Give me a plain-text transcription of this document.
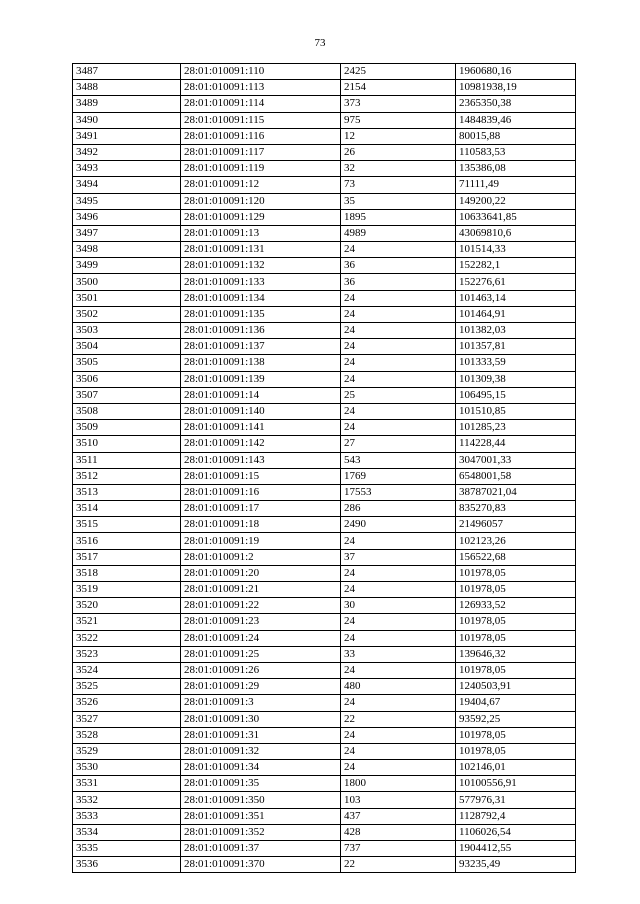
73
3487	28:01:010091:110	2425	1960680,16
3488	28:01:010091:113	2154	10981938,19
3489	28:01:010091:114	373	2365350,38
3490	28:01:010091:115	975	1484839,46
3491	28:01:010091:116	12	80015,88
3492	28:01:010091:117	26	110583,53
3493	28:01:010091:119	32	135386,08
3494	28:01:010091:12	73	71111,49
3495	28:01:010091:120	35	149200,22
3496	28:01:010091:129	1895	10633641,85
3497	28:01:010091:13	4989	43069810,6
3498	28:01:010091:131	24	101514,33
3499	28:01:010091:132	36	152282,1
3500	28:01:010091:133	36	152276,61
3501	28:01:010091:134	24	101463,14
3502	28:01:010091:135	24	101464,91
3503	28:01:010091:136	24	101382,03
3504	28:01:010091:137	24	101357,81
3505	28:01:010091:138	24	101333,59
3506	28:01:010091:139	24	101309,38
3507	28:01:010091:14	25	106495,15
3508	28:01:010091:140	24	101510,85
3509	28:01:010091:141	24	101285,23
3510	28:01:010091:142	27	114228,44
3511	28:01:010091:143	543	3047001,33
3512	28:01:010091:15	1769	6548001,58
3513	28:01:010091:16	17553	38787021,04
3514	28:01:010091:17	286	835270,83
3515	28:01:010091:18	2490	21496057
3516	28:01:010091:19	24	102123,26
3517	28:01:010091:2	37	156522,68
3518	28:01:010091:20	24	101978,05
3519	28:01:010091:21	24	101978,05
3520	28:01:010091:22	30	126933,52
3521	28:01:010091:23	24	101978,05
3522	28:01:010091:24	24	101978,05
3523	28:01:010091:25	33	139646,32
3524	28:01:010091:26	24	101978,05
3525	28:01:010091:29	480	1240503,91
3526	28:01:010091:3	24	19404,67
3527	28:01:010091:30	22	93592,25
3528	28:01:010091:31	24	101978,05
3529	28:01:010091:32	24	101978,05
3530	28:01:010091:34	24	102146,01
3531	28:01:010091:35	1800	10100556,91
3532	28:01:010091:350	103	577976,31
3533	28:01:010091:351	437	1128792,4
3534	28:01:010091:352	428	1106026,54
3535	28:01:010091:37	737	1904412,55
3536	28:01:010091:370	22	93235,49
